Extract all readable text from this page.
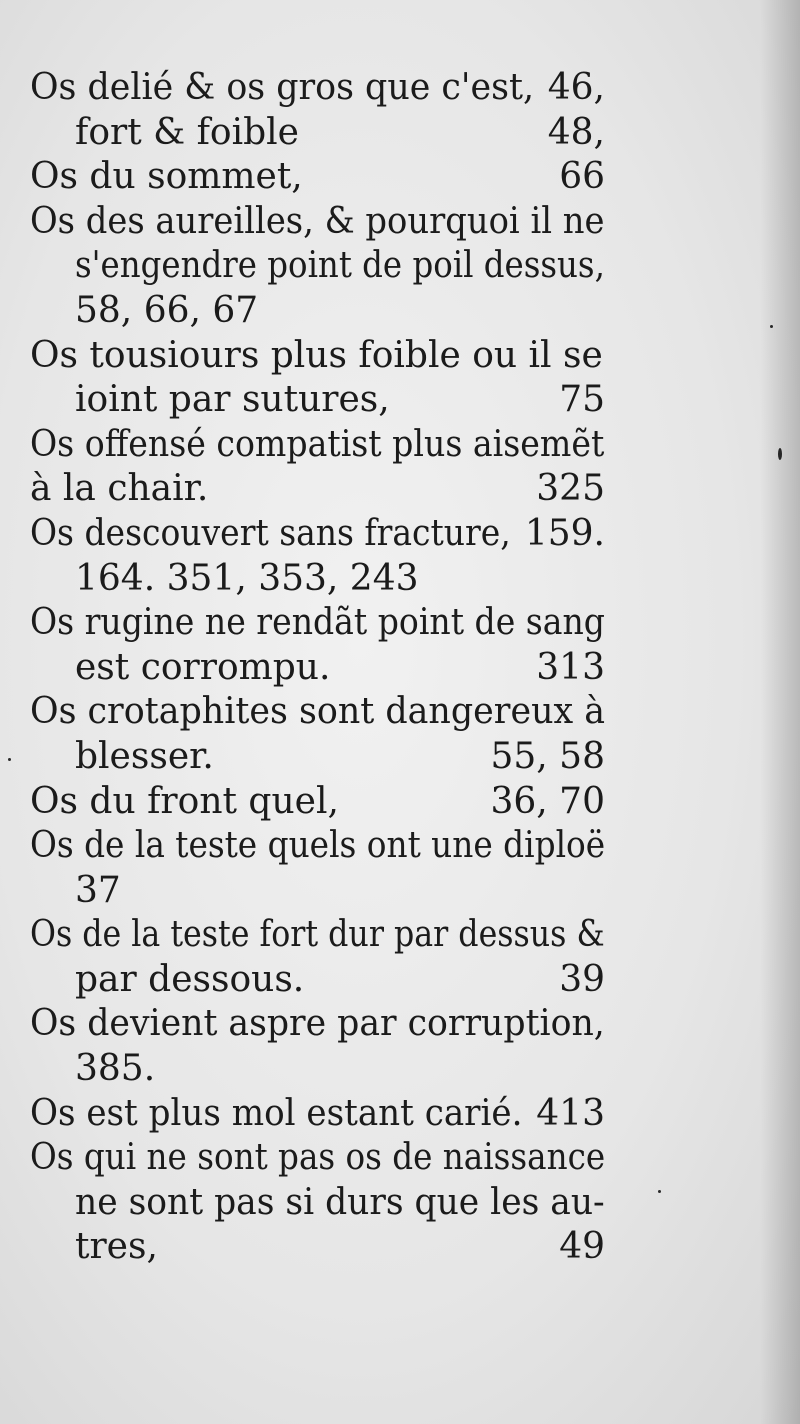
Os delié & os gros que c'est, 46,
fort & foible	48,
Os du sommet,	66
Os des aureilles, & pourquoi il ne
s'engendre point de poil dessus,
58, 66, 67
Os tousiours plus foible ou il se
ioint par sutures,	75
Os offensé compatist plus aisemẽt
à la chair.	325
Os descouvert sans fracture, 159.
164. 351, 353, 243
Os rugine ne rendãt point de sang
est corrompu.	313
Os crotaphites sont dangereux à
blesser.	55, 58
Os du front quel,	36, 70
Os de la teste quels ont une diploë
37
Os de la teste fort dur par dessus &
par dessous.	39
Os devient aspre par corruption,
385.
Os est plus mol estant carié. 413
Os qui ne sont pas os de naissance
ne sont pas si durs que les au-
tres,	49
